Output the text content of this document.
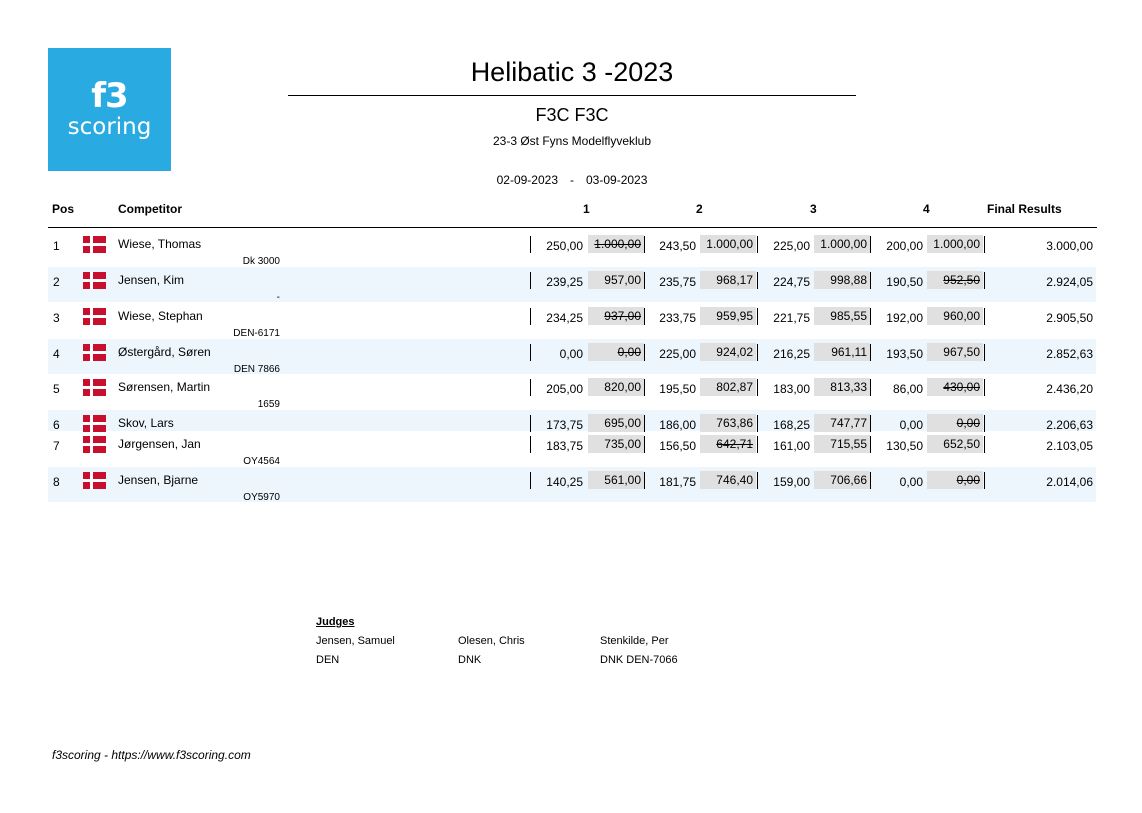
f3
scoring
Helibatic 3 -2023
F3C F3C
23-3 Øst Fyns Modelflyveklub
02-09-2023 - 03-09-2023
Pos	Competitor	1	2	3	4	Final Results
1	Wiese, Thomas
Dk 3000
250,00 1.000,00	243,50 1.000,00	225,00 1.000,00	200,00 1.000,00	3.000,00
2	Jensen, Kim
-
239,25	957,00	235,75	968,17	224,75	998,88	190,50	952,50	2.924,05
3	Wiese, Stephan
DEN-6171
234,25	937,00	233,75	959,95	221,75	985,55	192,00	960,00	2.905,50
4	Østergård, Søren
DEN 7866
0,00	0,00	225,00	924,02	216,25	961,11	193,50	967,50	2.852,63
5	Sørensen, Martin
1659
205,00	820,00	195,50	802,87	183,00	813,33	86,00	430,00	2.436,20
6	Skov, Lars	173,75	695,00	186,00	763,86	168,25	747,77	0,00	0,00	2.206,63
7	Jørgensen, Jan
OY4564
183,75	735,00	156,50	642,71	161,00	715,55	130,50	652,50	2.103,05
8	Jensen, Bjarne
OY5970
140,25	561,00	181,75	746,40	159,00	706,66	0,00	0,00	2.014,06
Judges
Jensen, Samuel
DEN
Olesen, Chris
DNK
Stenkilde, Per
DNK DEN-7066
f3scoring - https://www.f3scoring.com
